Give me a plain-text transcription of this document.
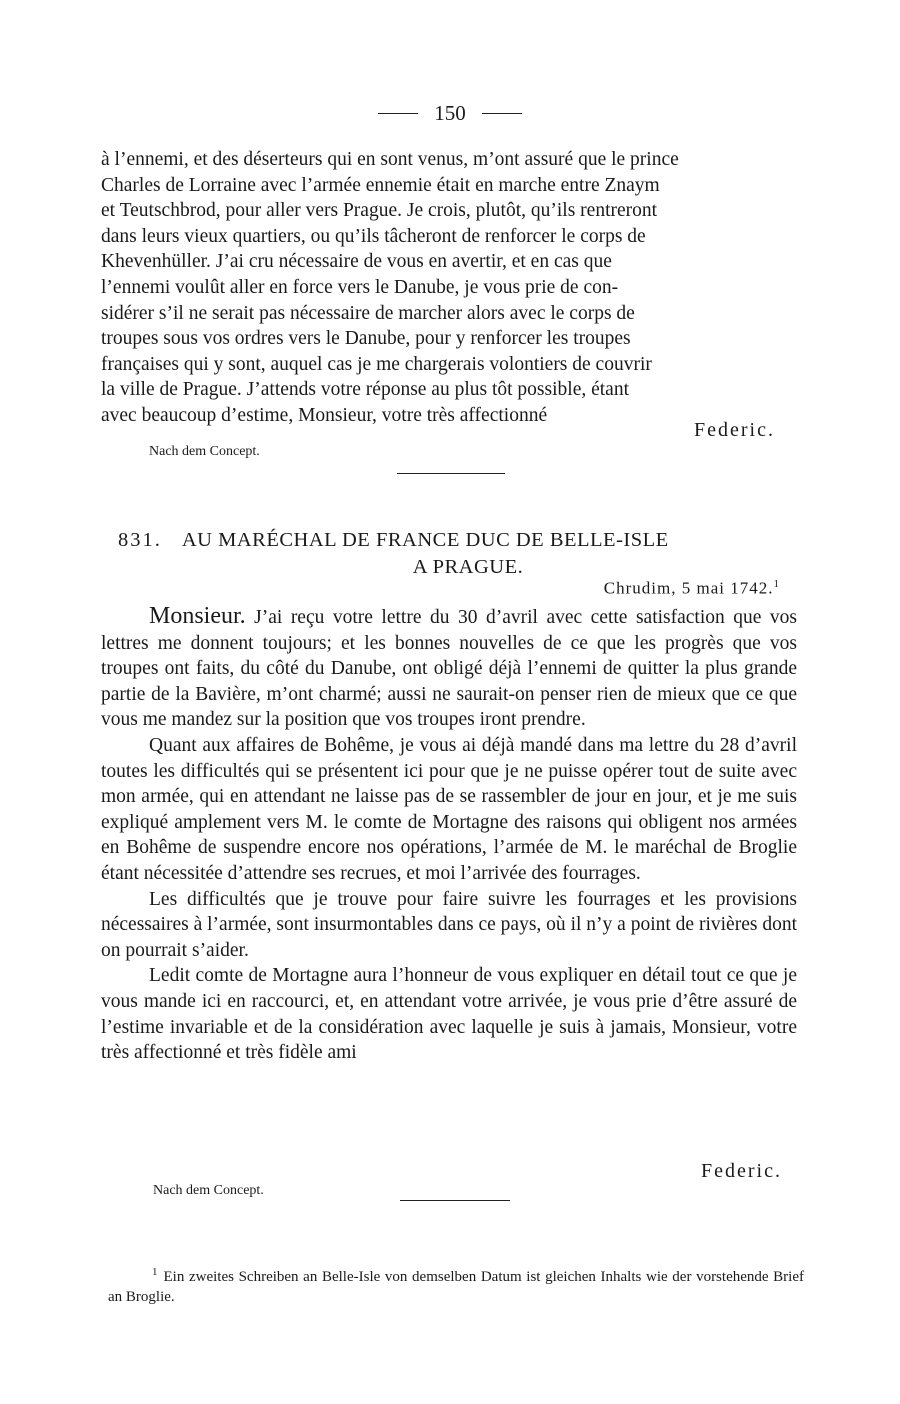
150

à l’ennemi, et des déserteurs qui en sont venus, m’ont assuré que le prince

Charles de Lorraine avec l’armée ennemie était en marche entre Znaym

et Teutschbrod, pour aller vers Prague. Je crois, plutôt, qu’ils rentreront

dans leurs vieux quartiers, ou qu’ils tâcheront de renforcer le corps de

Khevenhüller. J’ai cru nécessaire de vous en avertir, et en cas que

l’ennemi voulût aller en force vers le Danube, je vous prie de con-

sidérer s’il ne serait pas nécessaire de marcher alors avec le corps de

troupes sous vos ordres vers le Danube, pour y renforcer les troupes

françaises qui y sont, auquel cas je me chargerais volontiers de couvrir

la ville de Prague. J’attends votre réponse au plus tôt possible, étant

avec beaucoup d’estime, Monsieur, votre très affectionné

Federic.
Nach dem Concept.
831. AU MARÉCHAL DE FRANCE DUC DE BELLE-ISLE
A PRAGUE.
Chrudim, 5 mai 1742.$^1$

Monsieur. J’ai reçu votre lettre du 30 d’avril avec cette satisfaction que vos lettres me donnent toujours; et les bonnes nouvelles de ce que les progrès que vos troupes ont faits, du côté du Danube, ont obligé déjà l’ennemi de quitter la plus grande partie de la Bavière, m’ont charmé; aussi ne saurait-on penser rien de mieux que ce que vous me mandez sur la position que vos troupes iront prendre.

Quant aux affaires de Bohême, je vous ai déjà mandé dans ma lettre du 28 d’avril toutes les difficultés qui se présentent ici pour que je ne puisse opérer tout de suite avec mon armée, qui en attendant ne laisse pas de se rassembler de jour en jour, et je me suis expliqué amplement vers M. le comte de Mortagne des raisons qui obligent nos armées en Bohême de suspendre encore nos opérations, l’armée de M. le maréchal de Broglie étant nécessitée d’attendre ses recrues, et moi l’arrivée des fourrages.

Les difficultés que je trouve pour faire suivre les fourrages et les provisions nécessaires à l’armée, sont insurmontables dans ce pays, où il n’y a point de rivières dont on pourrait s’aider.

Ledit comte de Mortagne aura l’honneur de vous expliquer en détail tout ce que je vous mande ici en raccourci, et, en attendant votre arrivée, je vous prie d’être assuré de l’estime invariable et de la considération avec laquelle je suis à jamais, Monsieur, votre très affectionné et très fidèle ami

Federic.
Nach dem Concept.
$^1$ Ein zweites Schreiben an Belle-Isle von demselben Datum ist gleichen Inhalts wie der vorstehende Brief an Broglie.
